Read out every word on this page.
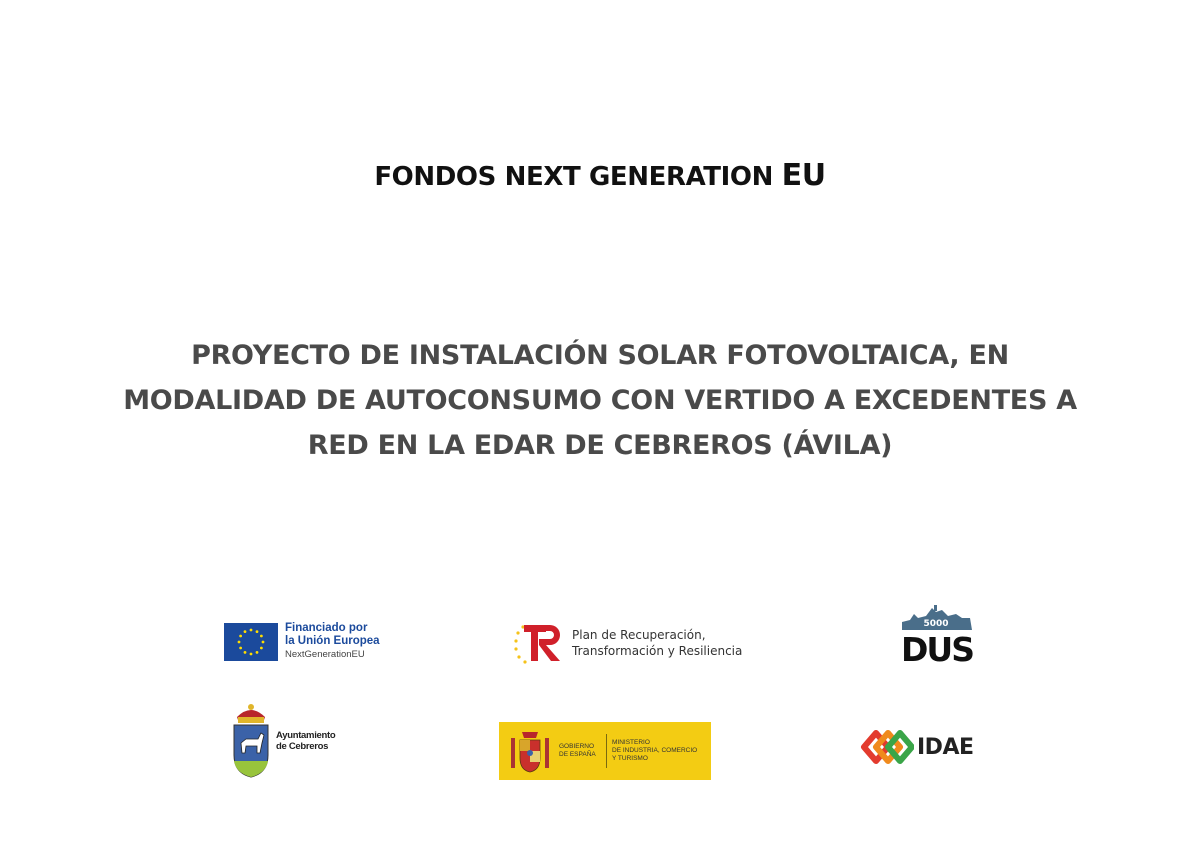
FONDOS NEXT GENERATION EU
PROYECTO DE INSTALACIÓN SOLAR FOTOVOLTAICA, EN MODALIDAD DE AUTOCONSUMO CON VERTIDO A EXCEDENTES A RED EN LA EDAR DE CEBREROS (ÁVILA)
Financiado por
la Unión Europea
NextGenerationEU
Plan de Recuperación,
Transformación y Resiliencia
5000
DUS
Ayuntamiento
de Cebreros	GOBIERNO
DE ESPAÑA
MINISTERIO
DE INDUSTRIA, COMERCIO
Y TURISMO	IDAE
